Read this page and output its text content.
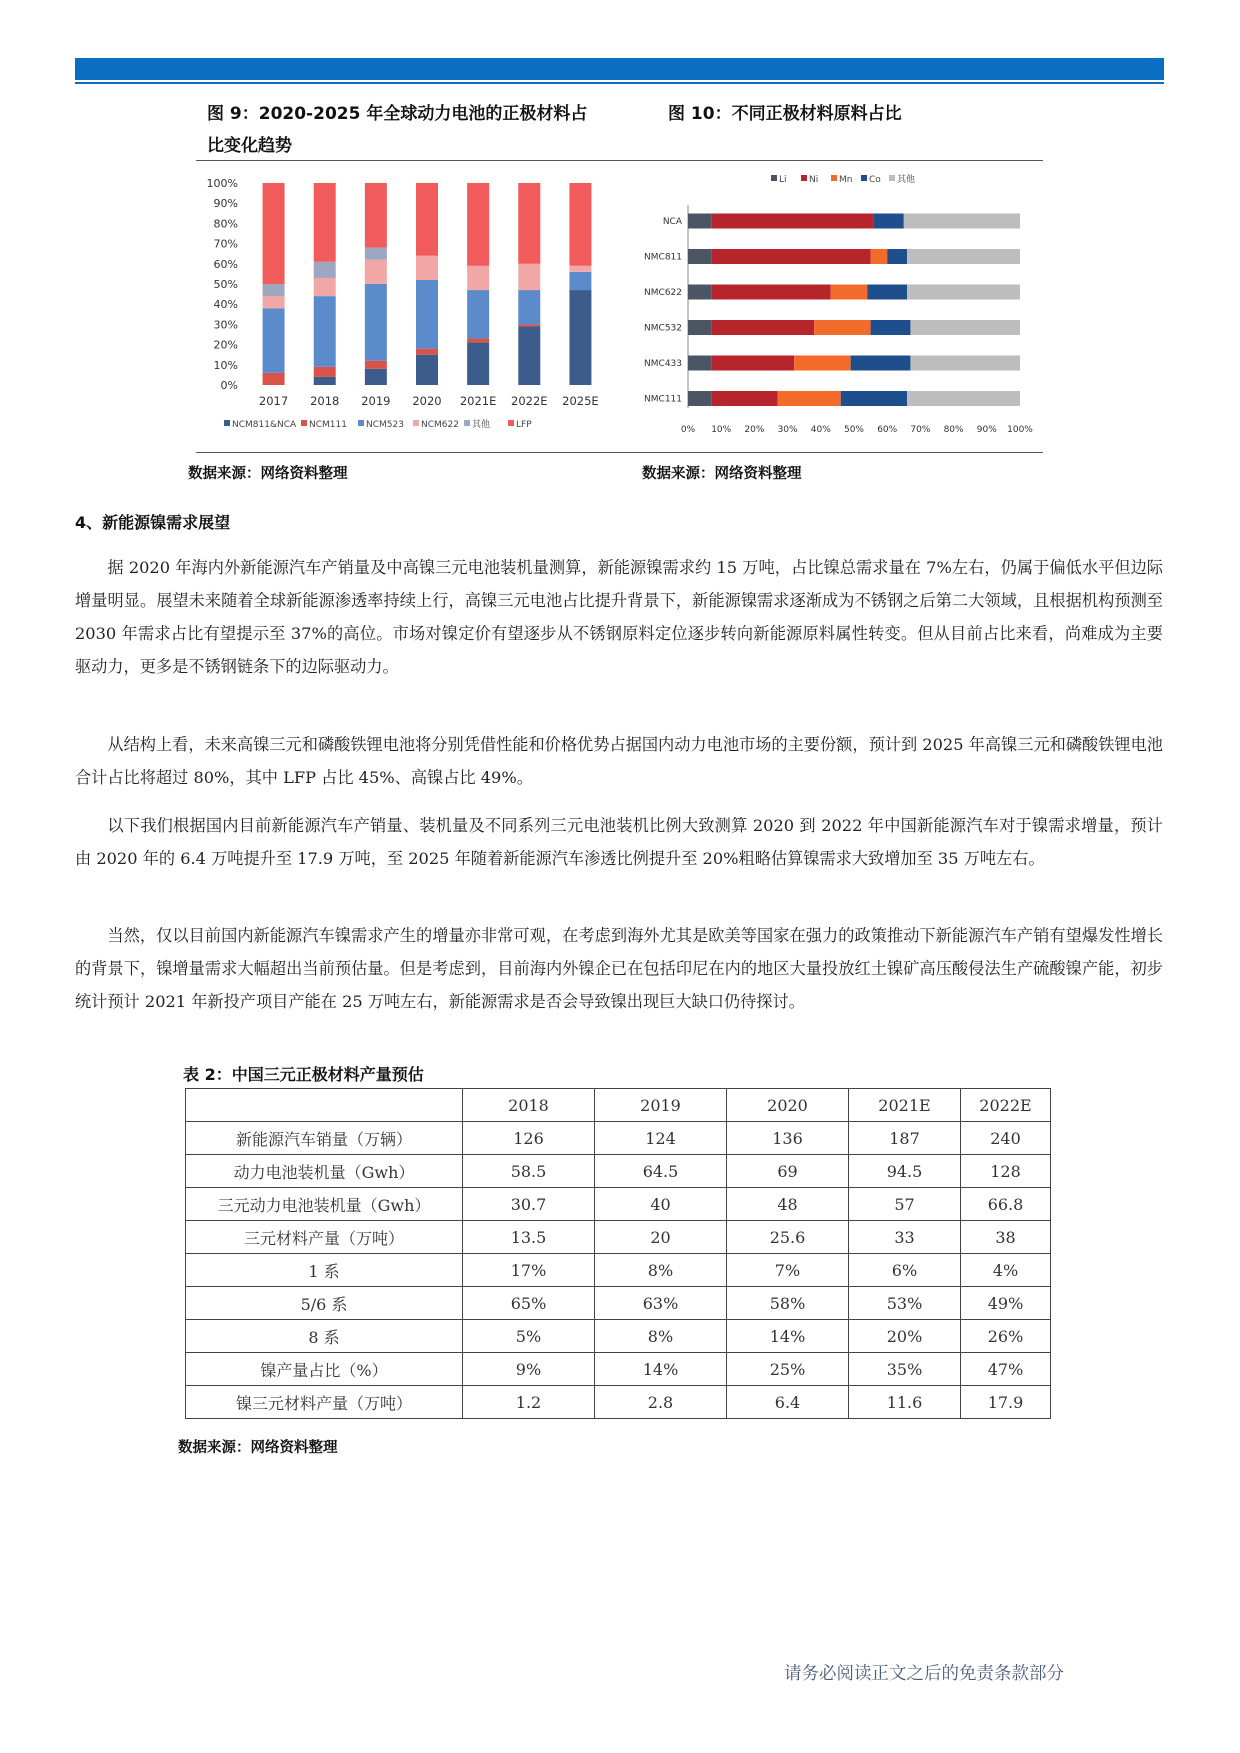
图 9：2020-2025 年全球动力电池的正极材料占
比变化趋势
图 10：不同正极材料原料占比
0%
10%
20%
30%
40%
50%
60%
70%
80%
90%
100%
2017 2018 2019 2020 2021E 2022E 2025E
NCM811&NCA NCM111 NCM523 NCM622 其他	LFP
Li Ni Mn Co 其他
NCA
NMC811
NMC622
NMC532
NMC433
NMC111
0% 10% 20% 30% 40% 50% 60% 70% 80% 90% 100%
数据来源：网络资料整理	数据来源：网络资料整理
4、新能源镍需求展望

据 2020 年海内外新能源汽车产销量及中高镍三元电池装机量测算，新能源镍需求约 15 万吨，占比镍总需求量在 7%左右，仍属于偏低水平但边际增量明显。展望未来随着全球新能源渗透率持续上行，高镍三元电池占比提升背景下，新能源镍需求逐渐成为不锈钢之后第二大领域，且根据机构预测至 2030 年需求占比有望提示至 37%的高位。市场对镍定价有望逐步从不锈钢原料定位逐步转向新能源原料属性转变。但从目前占比来看，尚难成为主要驱动力，更多是不锈钢链条下的边际驱动力。

从结构上看，未来高镍三元和磷酸铁锂电池将分别凭借性能和价格优势占据国内动力电池市场的主要份额，预计到 2025 年高镍三元和磷酸铁锂电池合计占比将超过 80%，其中 LFP 占比 45%、高镍占比 49%。

以下我们根据国内目前新能源汽车产销量、装机量及不同系列三元电池装机比例大致测算 2020 到 2022 年中国新能源汽车对于镍需求增量，预计由 2020 年的 6.4 万吨提升至 17.9 万吨，至 2025 年随着新能源汽车渗透比例提升至 20%粗略估算镍需求大致增加至 35 万吨左右。

当然，仅以目前国内新能源汽车镍需求产生的增量亦非常可观，在考虑到海外尤其是欧美等国家在强力的政策推动下新能源汽车产销有望爆发性增长的背景下，镍增量需求大幅超出当前预估量。但是考虑到，目前海内外镍企已在包括印尼在内的地区大量投放红土镍矿高压酸侵法生产硫酸镍产能，初步统计预计 2021 年新投产项目产能在 25 万吨左右，新能源需求是否会导致镍出现巨大缺口仍待探讨。

表 2：中国三元正极材料产量预估
	2018	2019	2020	2021E	2022E
新能源汽车销量（万辆）	126	124	136	187	240
动力电池装机量（Gwh）	58.5	64.5	69	94.5	128
三元动力电池装机量（Gwh）	30.7	40	48	57	66.8
三元材料产量（万吨）	13.5	20	25.6	33	38
1 系	17%	8%	7%	6%	4%
5/6 系	65%	63%	58%	53%	49%
8 系	5%	8%	14%	20%	26%
镍产量占比（%）	9%	14%	25%	35%	47%
镍三元材料产量（万吨）	1.2	2.8	6.4	11.6	17.9
数据来源：网络资料整理
请务必阅读正文之后的免责条款部分
